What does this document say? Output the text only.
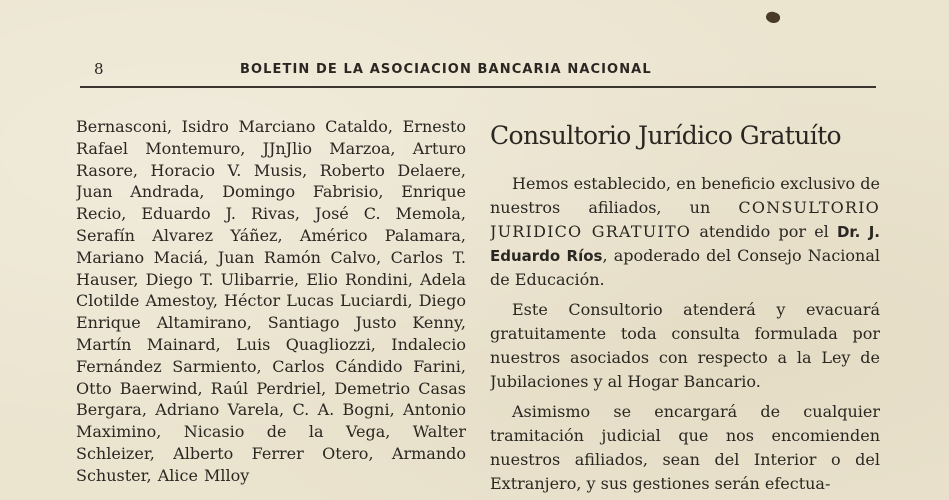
8	BOLETIN DE LA ASOCIACION BANCARIA NACIONAL

Bernasconi, Isidro Marciano Cataldo, Ernesto Rafael Montemuro, JJnJlio Marzoa, Arturo Rasore, Horacio V. Musis, Roberto Delaere, Juan Andrada, Domingo Fabrisio, Enrique Recio, Eduardo J. Rivas, José C. Memola, Serafín Alvarez Yáñez, Américo Palamara, Mariano Maciá, Juan Ramón Calvo, Carlos T. Hauser, Diego T. Ulibarrie, Elio Rondini, Adela Clotilde Amestoy, Héctor Lucas Luciardi, Diego Enrique Altamirano, Santiago Justo Kenny, Martín Mainard, Luis Quagliozzi, Indalecio Fernández Sarmiento, Carlos Cándido Farini, Otto Baerwind, Raúl Perdriel, Demetrio Casas Bergara, Adriano Varela, C. A. Bogni, Antonio Maximino, Nicasio de la Vega, Walter Schleizer, Alberto Ferrer Otero, Armando Schuster, Alice Mlloy

Consultorio Jurídico Gratuíto

Hemos establecido, en beneficio exclusivo de nuestros afiliados, un CONSULTORIO JURIDICO GRATUITO atendido por el Dr. J. Eduardo Ríos, apoderado del Consejo Nacional de Educación.

Este Consultorio atenderá y evacuará gratuitamente toda consulta formulada por nuestros asociados con respecto a la Ley de Jubilaciones y al Hogar Bancario.

Asimismo se encargará de cualquier tramitación judicial que nos encomienden nuestros afiliados, sean del Interior o del Extranjero, y sus gestiones serán efectua-
